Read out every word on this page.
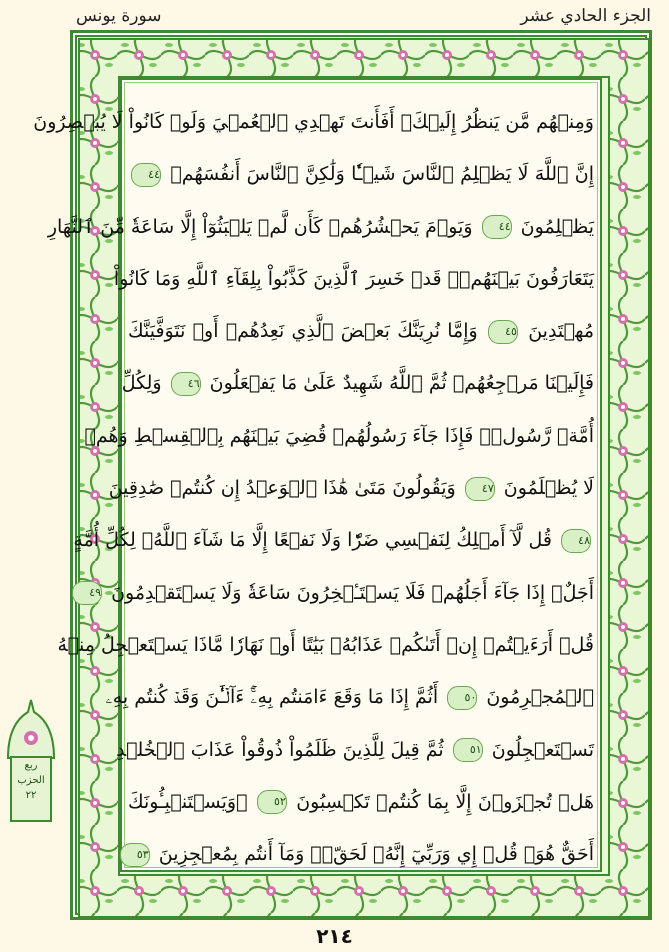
الجزء الحادي عشر
سورة يونس
وَمِنۡهُم مَّن يَنظُرُ إِلَيۡكَۚ أَفَأَنتَ تَهۡدِي ٱلۡعُمۡيَ وَلَوۡ كَانُواْ لَا يُبۡصِرُونَ
إِنَّ ٱللَّهَ لَا يَظۡلِمُ ٱلنَّاسَ شَيۡـٔٗا وَلَٰكِنَّ ٱلنَّاسَ أَنفُسَهُمۡ ٤٤
يَظۡلِمُونَ ٤٤ وَيَوۡمَ يَحۡشُرُهُمۡ كَأَن لَّمۡ يَلۡبَثُوٓاْ إِلَّا سَاعَةٗ مِّنَ ٱلنَّهَارِ
يَتَعَارَفُونَ بَيۡنَهُمۡۚ قَدۡ خَسِرَ ٱلَّذِينَ كَذَّبُواْ بِلِقَآءِ ٱللَّهِ وَمَا كَانُواْ
مُهۡتَدِينَ ٤٥ وَإِمَّا نُرِيَنَّكَ بَعۡضَ ٱلَّذِي نَعِدُهُمۡ أَوۡ نَتَوَفَّيَنَّكَ
فَإِلَيۡنَا مَرۡجِعُهُمۡ ثُمَّ ٱللَّهُ شَهِيدٌ عَلَىٰ مَا يَفۡعَلُونَ ٤٦ وَلِكُلِّ
أُمَّةٖ رَّسُولٞۖ فَإِذَا جَآءَ رَسُولُهُمۡ قُضِيَ بَيۡنَهُم بِٱلۡقِسۡطِ وَهُمۡ
لَا يُظۡلَمُونَ ٤٧ وَيَقُولُونَ مَتَىٰ هَٰذَا ٱلۡوَعۡدُ إِن كُنتُمۡ صَٰدِقِينَ
٤٨ قُل لَّآ أَمۡلِكُ لِنَفۡسِي ضَرّٗا وَلَا نَفۡعًا إِلَّا مَا شَآءَ ٱللَّهُۗ لِكُلِّ أُمَّةٍ
أَجَلٌۚ إِذَا جَآءَ أَجَلُهُمۡ فَلَا يَسۡتَـٔۡخِرُونَ سَاعَةٗ وَلَا يَسۡتَقۡدِمُونَ ٤٩
قُلۡ أَرَءَيۡتُمۡ إِنۡ أَتَىٰكُمۡ عَذَابُهُۥ بَيَٰتًا أَوۡ نَهَارٗا مَّاذَا يَسۡتَعۡجِلُ مِنۡهُ
ٱلۡمُجۡرِمُونَ ٥٠ أَثُمَّ إِذَا مَا وَقَعَ ءَامَنتُم بِهِۦٓۚ ءَآلۡـَٰٔنَ وَقَدۡ كُنتُم بِهِۦ
تَسۡتَعۡجِلُونَ ٥١ ثُمَّ قِيلَ لِلَّذِينَ ظَلَمُواْ ذُوقُواْ عَذَابَ ٱلۡخُلۡدِ
هَلۡ تُجۡزَوۡنَ إِلَّا بِمَا كُنتُمۡ تَكۡسِبُونَ ٥٢ ۞وَيَسۡتَنۢبِـُٔونَكَ
أَحَقٌّ هُوَۖ قُلۡ إِي وَرَبِّيٓ إِنَّهُۥ لَحَقّٞۖ وَمَآ أَنتُم بِمُعۡجِزِينَ ٥٣
ربع
الحزب
٢٢
٢١٤
